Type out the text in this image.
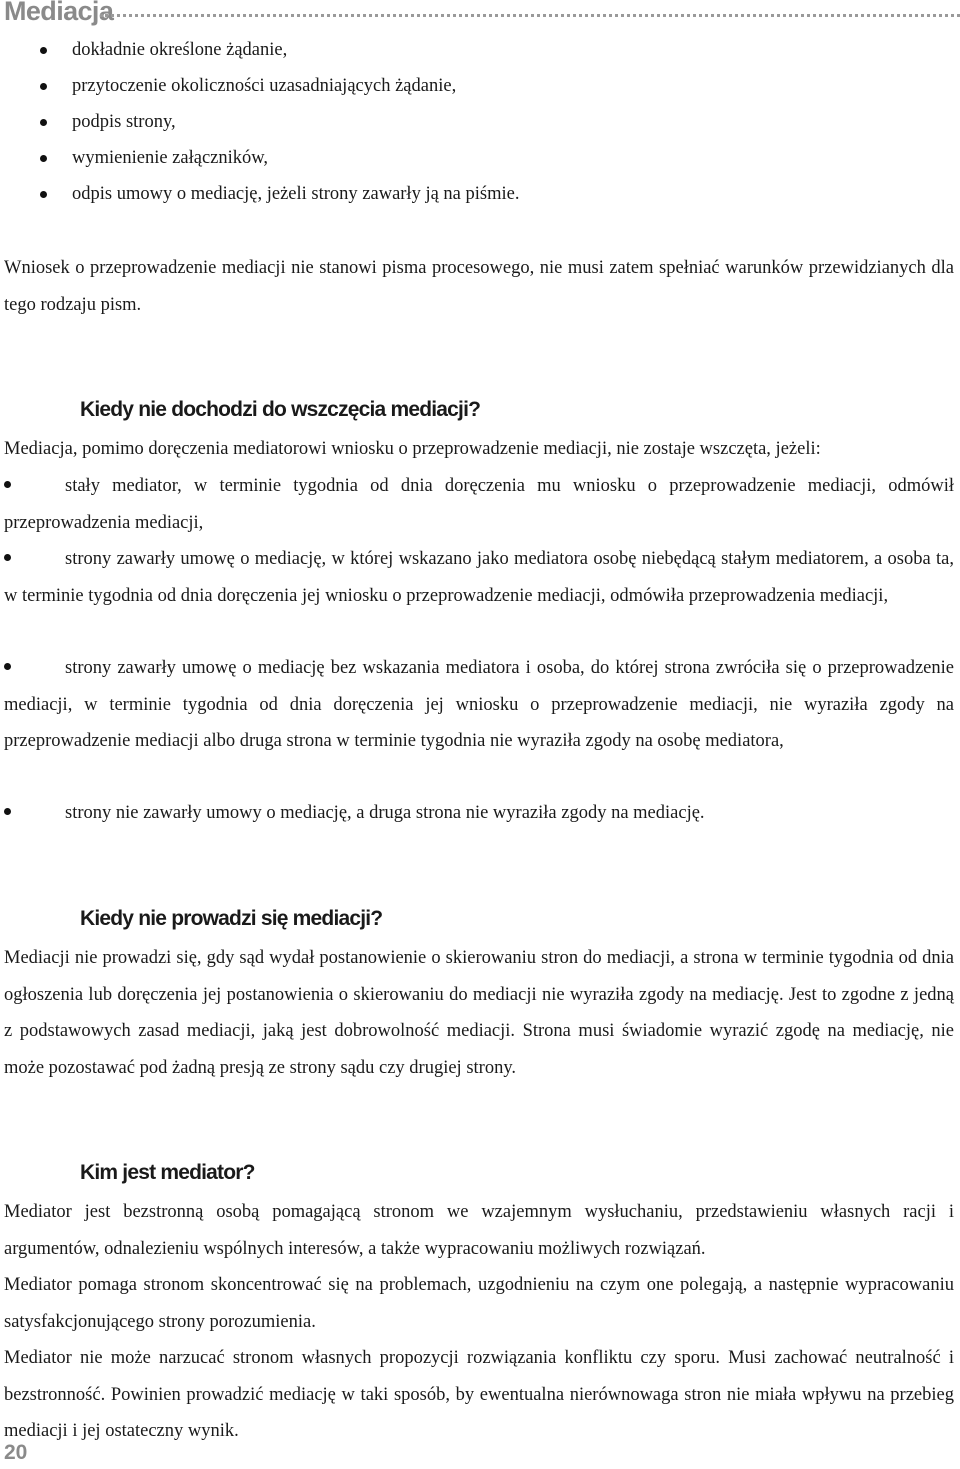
Mediacja
dokładnie określone żądanie,
przytoczenie okoliczności uzasadniających żądanie,
podpis strony,
wymienienie załączników,
odpis umowy o mediację, jeżeli strony zawarły ją na piśmie.
Wniosek o przeprowadzenie mediacji nie stanowi pisma procesowego, nie musi zatem spełniać warunków przewidzianych dla tego rodzaju pism.
Kiedy nie dochodzi do wszczęcia mediacji?
Mediacja, pomimo doręczenia mediatorowi wniosku o przeprowadzenie mediacji, nie zostaje wszczęta, jeżeli:
stały mediator, w terminie tygodnia od dnia doręczenia mu wniosku o przeprowadzenie mediacji, odmówił przeprowadzenia mediacji,
strony zawarły umowę o mediację, w której wskazano jako mediatora osobę niebędącą stałym mediatorem, a osoba ta, w terminie tygodnia od dnia doręczenia jej wniosku o przeprowadzenie mediacji, odmówiła przeprowadzenia mediacji,
strony zawarły umowę o mediację bez wskazania mediatora i osoba, do której strona zwróciła się o przeprowadzenie mediacji, w terminie tygodnia od dnia doręczenia jej wniosku o przeprowadzenie mediacji, nie wyraziła zgody na przeprowadzenie mediacji albo druga strona w terminie tygodnia nie wyraziła zgody na osobę mediatora,
strony nie zawarły umowy o mediację, a druga strona nie wyraziła zgody na mediację.
Kiedy nie prowadzi się mediacji?
Mediacji nie prowadzi się, gdy sąd wydał postanowienie o skierowaniu stron do mediacji, a strona w terminie tygodnia od dnia ogłoszenia lub doręczenia jej postanowienia o skierowaniu do mediacji nie wyraziła zgody na mediację. Jest to zgodne z jedną z podstawowych zasad mediacji, jaką jest dobrowolność mediacji. Strona musi świadomie wyrazić zgodę na mediację, nie może pozostawać pod żadną presją ze strony sądu czy drugiej strony.
Kim jest mediator?
Mediator jest bezstronną osobą pomagającą stronom we wzajemnym wysłuchaniu, przedstawieniu własnych racji i argumentów, odnalezieniu wspólnych interesów, a także wypracowaniu możliwych rozwiązań.
Mediator pomaga stronom skoncentrować się na problemach, uzgodnieniu na czym one polegają, a następnie wypracowaniu satysfakcjonującego strony porozumienia.
Mediator nie może narzucać stronom własnych propozycji rozwiązania konfliktu czy sporu. Musi zachować neutralność i bezstronność. Powinien prowadzić mediację w taki sposób, by ewentualna nierównowaga stron nie miała wpływu na przebieg mediacji i jej ostateczny wynik.
20
